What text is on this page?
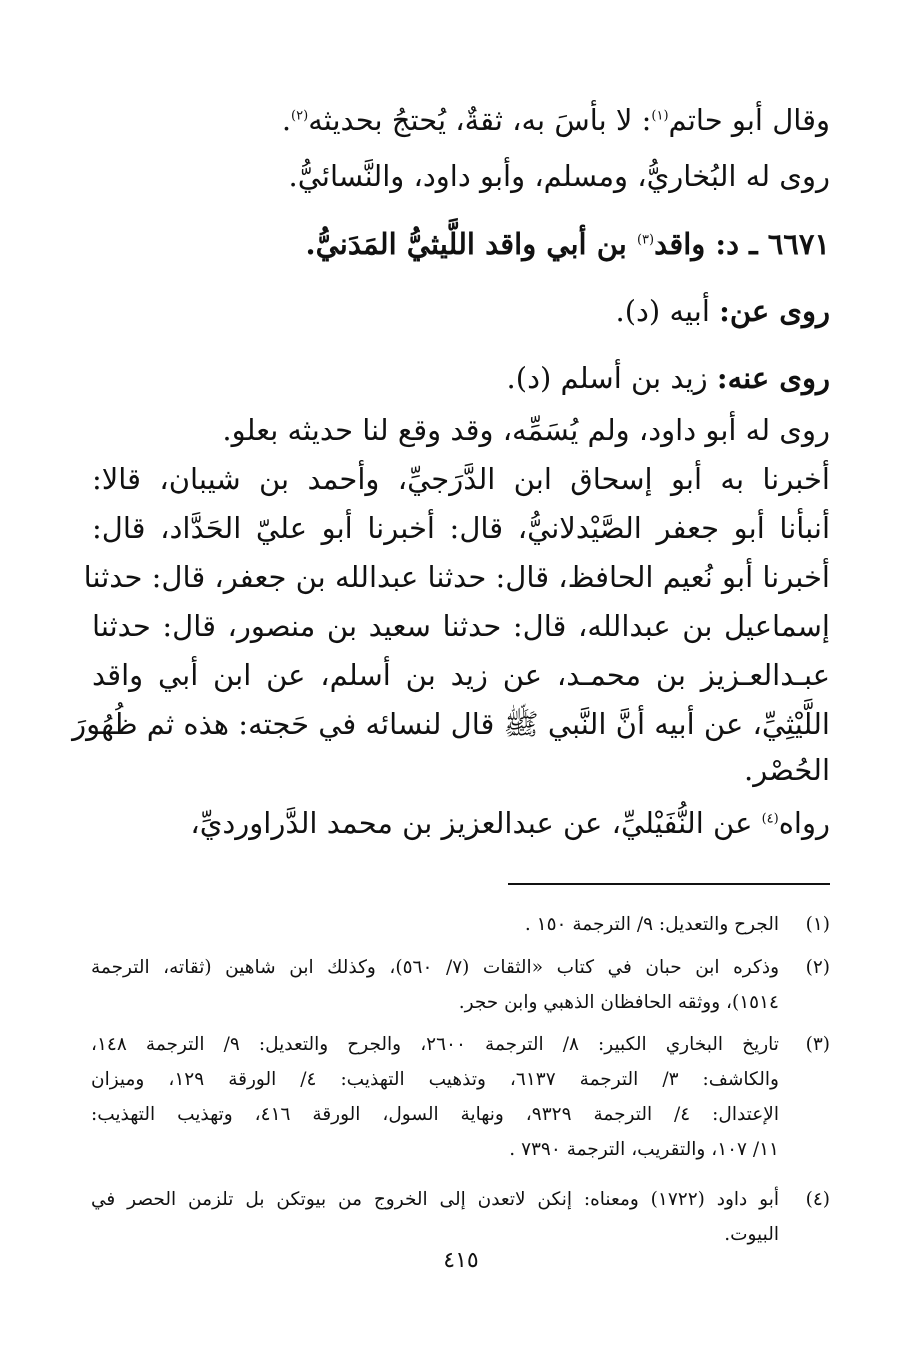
وقال أبو حاتم$^{(١)}$: لا بأسَ به، ثقةٌ، يُحتجُ بحديثه$^{(٢)}$.
روى له البُخاريُّ، ومسلم، وأبو داود، والنَّسائيُّ.
٦٦٧١ ـ د: واقد$^{(٣)}$ بن أبي واقد اللَّيثيُّ المَدَنيُّ.
روى عن: أبيه (د).
روى عنه: زيد بن أسلم (د).
روى له أبو داود، ولم يُسَمِّه، وقد وقع لنا حديثه بعلو.
أخبرنا به أبو إسحاق ابن الدَّرَجيِّ، وأحمد بن شيبان، قالا:
أنبأنا أبو جعفر الصَّيْدلانيُّ، قال: أخبرنا أبو عليّ الحَدَّاد، قال:
أخبرنا أبو نُعيم الحافظ، قال: حدثنا عبدالله بن جعفر، قال: حدثنا
إسماعيل بن عبدالله، قال: حدثنا سعيد بن منصور، قال: حدثنا
عبـدالعـزيز بن محمـد، عن زيد بن أسلم، عن ابن أبي واقد
اللَّيْثِيِّ، عن أبيه أنَّ النَّبي ﷺ قال لنسائه في حَجته: هذه ثم ظُهُورَ
الحُصْر.
رواه$^{(٤)}$ عن النُّفَيْليِّ، عن عبدالعزيز بن محمد الدَّراورديِّ،
(١)
الجرح والتعديل: ٩/ الترجمة ١٥٠ .
(٢)
وذكره ابن حبان في كتاب «الثقات (٧/ ٥٦٠)، وكذلك ابن شاهين (ثقاته، الترجمة
١٥١٤)، ووثقه الحافظان الذهبي وابن حجر.
(٣)
تاريخ البخاري الكبير: ٨/ الترجمة ٢٦٠٠، والجرح والتعديل: ٩/ الترجمة ١٤٨،
والكاشف: ٣/ الترجمة ٦١٣٧، وتذهيب التهذيب: ٤/ الورقة ١٢٩، وميزان
الإعتدال: ٤/ الترجمة ٩٣٢٩، ونهاية السول، الورقة ٤١٦، وتهذيب التهذيب:
١١/ ١٠٧، والتقريب، الترجمة ٧٣٩٠ .
(٤)
أبو داود (١٧٢٢) ومعناه: إنكن لاتعدن إلى الخروج من بيوتكن بل تلزمن الحصر في
البيوت.
٤١٥
